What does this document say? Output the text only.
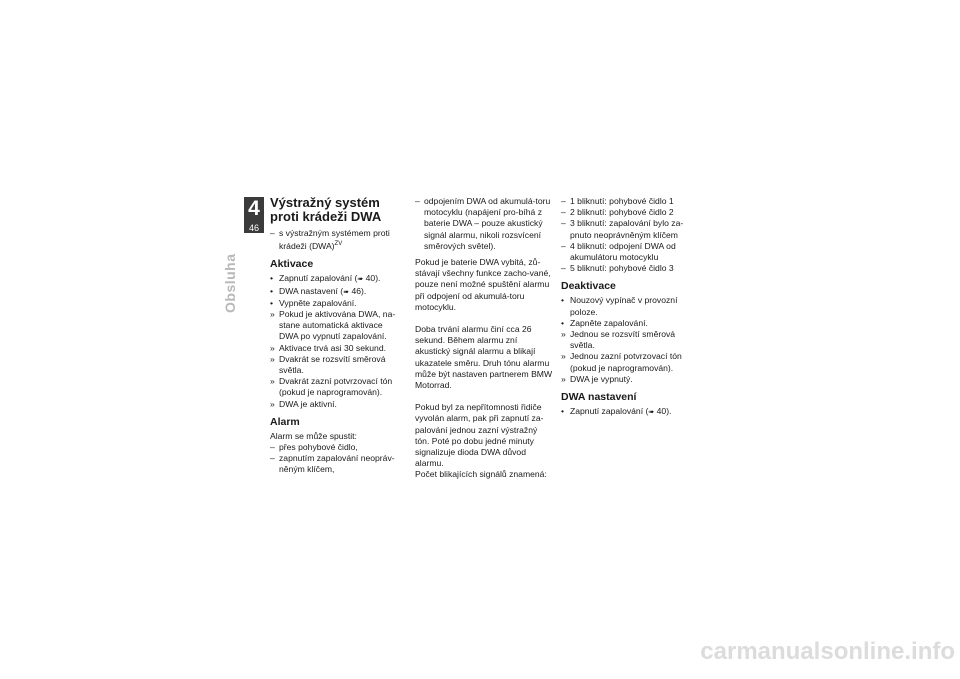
4
46
Obsluha
Výstražný systém proti krádeži DWA
– s výstražným systémem proti krádeži (DWA)$^{ZV}$
Aktivace
• Zapnutí zapalování (➠ 40).
• DWA nastavení (➠ 46).
• Vypněte zapalování.
» Pokud je aktivována DWA, na-stane automatická aktivace DWA po vypnutí zapalování.
» Aktivace trvá asi 30 sekund.
» Dvakrát se rozsvítí směrová světla.
» Dvakrát zazní potvrzovací tón (pokud je naprogramován).
» DWA je aktivní.
Alarm

Alarm se může spustit:

– přes pohybové čidlo,
– zapnutím zapalování neopráv-něným klíčem,
– odpojením DWA od akumulá-toru motocyklu (napájení pro-bíhá z baterie DWA – pouze akustický signál alarmu, nikoli rozsvícení směrových světel).

Pokud je baterie DWA vybitá, zů-stávají všechny funkce zacho-vané, pouze není možné spuštění alarmu při odpojení od akumulá-toru motocyklu.

Doba trvání alarmu činí cca 26 sekund. Během alarmu zní akustický signál alarmu a blikají ukazatele směru. Druh tónu alarmu může být nastaven partnerem BMW Motorrad.

Pokud byl za nepřítomnosti řidiče vyvolán alarm, pak při zapnutí za-palování jednou zazní výstražný tón. Poté po dobu jedné minuty signalizuje dioda DWA důvod alarmu.

Počet blikajících signálů znamená:

– 1 bliknutí: pohybové čidlo 1
– 2 bliknutí: pohybové čidlo 2
– 3 bliknutí: zapalování bylo za-pnuto neoprávněným klíčem
– 4 bliknutí: odpojení DWA od akumulátoru motocyklu
– 5 bliknutí: pohybové čidlo 3
Deaktivace
• Nouzový vypínač v provozní poloze.
• Zapněte zapalování.
» Jednou se rozsvítí směrová světla.
» Jednou zazní potvrzovací tón (pokud je naprogramován).
» DWA je vypnutý.
DWA nastavení
• Zapnutí zapalování (➠ 40).
carmanualsonline.info
